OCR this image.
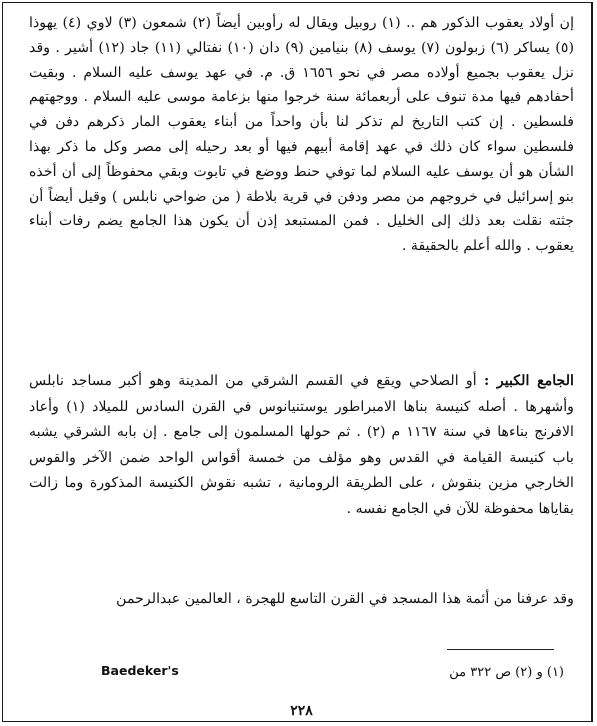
إن أولاد يعقوب الذكور هم .. (١) روبيل ويقال له رأوبين أيضاً (٢) شمعون (٣) لاوي (٤) يهوذا (٥) يساكر (٦) زبولون (٧) يوسف (٨) بنيامين (٩) دان (١٠) نفتالي (١١) جاد (١٢) أشير . وقد نزل يعقوب بجميع أولاده مصر في نحو ١٦٥٦ ق. م. في عهد يوسف عليه السلام . وبقيت أحفادهم فيها مدة تنوف على أربعمائة سنة خرجوا منها بزعامة موسى عليه السلام . ووجهتهم فلسطين . إن كتب التاريخ لم تذكر لنا بأن واحداً من أبناء يعقوب المار ذكرهم دفن في فلسطين سواء كان ذلك في عهد إقامة أبيهم فيها أو بعد رحيله إلى مصر وكل ما ذكر بهذا الشأن هو أن يوسف عليه السلام لما توفي حنط ووضع في تابوت وبقي محفوظاً إلى أن أخذه بنو إسرائيل في خروجهم من مصر ودفن في قرية بلاطة ( من ضواحي نابلس ) وقيل أيضاً أن جثته نقلت بعد ذلك إلى الخليل . فمن المستبعد إذن أن يكون هذا الجامع يضم رفات أبناء يعقوب . والله أعلم بالحقيقة .

الجامع الكبير : أو الصلاحي ويقع في القسم الشرقي من المدينة وهو أكبر مساجد نابلس وأشهرها . أصله كنيسة بناها الامبراطور يوستنيانوس في القرن السادس للميلاد (١) وأعاد الافرنج بناءها في سنة ١١٦٧ م (٢) . ثم حولها المسلمون إلى جامع . إن بابه الشرقي يشبه باب كنيسة القيامة في القدس وهو مؤلف من خمسة أقواس الواحد ضمن الآخر والقوس الخارجي مزين بنقوش ، على الطريقة الرومانية ، تشبه نقوش الكنيسة المذكورة وما زالت بقاياها محفوظة للآن في الجامع نفسه .

وقد عرفنا من أئمة هذا المسجد في القرن التاسع للهجرة ، العالمين عبدالرحمن

(١) و (٢) ص ٣٢٢ من
Baedeker's
٢٢٨
